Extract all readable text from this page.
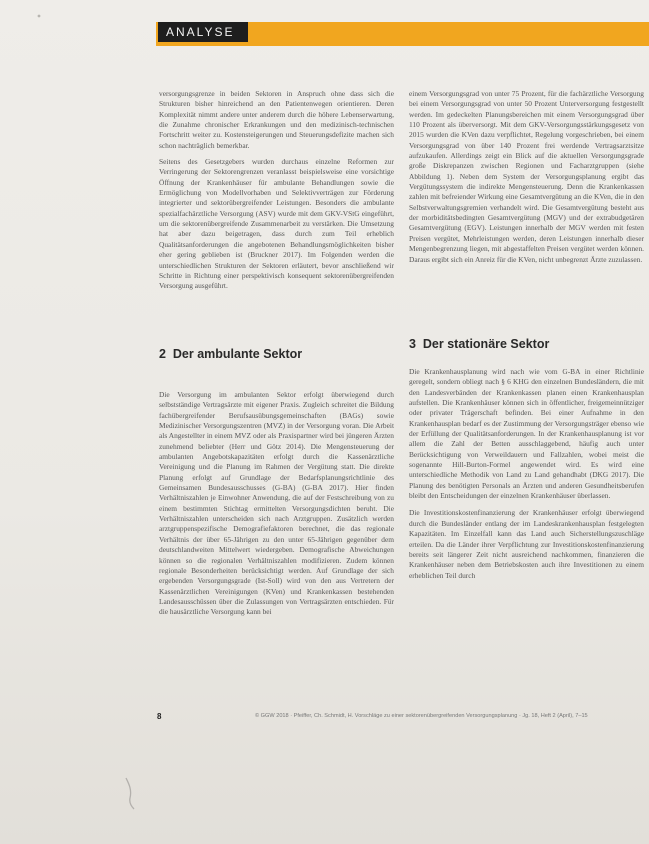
ANALYSE

versorgungsgrenze in beiden Sektoren in Anspruch ohne dass sich die Strukturen bisher hinreichend an den Patientenwegen orientieren. Deren Komplexität nimmt andere unter anderem durch die höhere Lebenserwartung, die Zunahme chronischer Erkrankungen und den medizinisch-technischen Fortschritt weiter zu. Kostensteigerungen und Steuerungsdefizite machen sich schon nachträglich bemerkbar.

Seitens des Gesetzgebers wurden durchaus einzelne Reformen zur Verringerung der Sektorengrenzen veranlasst beispielsweise eine vorsichtige Öffnung der Krankenhäuser für ambulante Behandlungen sowie die Ermöglichung von Modellvorhaben und Selektivverträgen zur Förderung integrierter und sektorübergreifender Leistungen. Besonders die ambulante spezialfachärztliche Versorgung (ASV) wurde mit dem GKV-VStG eingeführt, um die sektorenübergreifende Zusammenarbeit zu verstärken. Die Umsetzung hat aber dazu beigetragen, dass durch zum Teil erheblich Qualitätsanforderungen die angebotenen Behandlungsmöglichkeiten bisher eher gering geblieben ist (Bruckner 2017). Im Folgenden werden die unterschiedlichen Strukturen der Sektoren erläutert, bevor anschließend wir Schritte in Richtung einer perspektivisch konsequent sektorenübergreifenden Versorgung ausgeführt.

2 Der ambulante Sektor

Die Versorgung im ambulanten Sektor erfolgt überwiegend durch selbstständige Vertragsärzte mit eigener Praxis. Zugleich schreitet die Bildung fachübergreifender Berufsausübungsgemeinschaften (BAGs) sowie Medizinischer Versorgungszentren (MVZ) in der Versorgung voran. Die Arbeit als Angestellter in einem MVZ oder als Praxispartner wird bei jüngeren Ärzten zunehmend beliebter (Herr und Götz 2014). Die Mengensteuerung der ambulanten Angebotskapazitäten erfolgt durch die Kassenärztliche Vereinigung und die Planung im Rahmen der Vergütung statt. Die direkte Planung erfolgt auf Grundlage der Bedarfsplanungsrichtlinie des Gemeinsamen Bundesausschusses (G-BA) (G-BA 2017). Hier finden Verhältniszahlen je Einwohner Anwendung, die auf der Festschreibung von zu einem bestimmten Stichtag ermittelten Versorgungsdichten beruht. Die Verhältniszahlen unterscheiden sich nach Arztgruppen. Zusätzlich werden arztgruppenspezifische Demografiefaktoren berechnet, die das regionale Verhältnis der über 65-Jährigen zu den unter 65-Jährigen gegenüber dem deutschlandweiten Mittelwert wiedergeben. Demografische Abweichungen können so die regionalen Verhältniszahlen modifizieren. Zudem können regionale Besonderheiten berücksichtigt werden. Auf Grundlage der sich ergebenden Versorgungsgrade (Ist-Soll) wird von den aus Vertretern der Kassenärztlichen Vereinigungen (KVen) und Krankenkassen bestehenden Landesausschüssen über die Zulassungen von Vertragsärzten entschieden. Für die hausärztliche Versorgung kann bei

einem Versorgungsgrad von unter 75 Prozent, für die fachärztliche Versorgung bei einem Versorgungsgrad von unter 50 Prozent Unterversorgung festgestellt werden. Im gedeckelten Planungsbereichen mit einem Versorgungsgrad über 110 Prozent als überversorgt. Mit dem GKV-Versorgungsstärkungsgesetz von 2015 wurden die KVen dazu verpflichtet, Regelung vorgeschrieben, bei einem Versorgungsgrad von über 140 Prozent frei werdende Vertragsarztsitze aufzukaufen. Allerdings zeigt ein Blick auf die aktuellen Versorgungsgrade große Diskrepanzen zwischen Regionen und Facharztgruppen (siehe Abbildung 1). Neben dem System der Versorgungsplanung ergibt das Vergütungssystem die indirekte Mengensteuerung. Denn die Krankenkassen zahlen mit befreiender Wirkung eine Gesamtvergütung an die KVen, die in den Selbstverwaltungsgremien verhandelt wird. Die Gesamtvergütung besteht aus der morbiditätsbedingten Gesamtvergütung (MGV) und der extrabudgetären Gesamtvergütung (EGV). Leistungen innerhalb der MGV werden mit festen Preisen vergütet, Mehrleistungen werden, deren Leistungen innerhalb dieser Mengenbegrenzung liegen, mit abgestaffelten Preisen vergütet werden können. Daraus ergibt sich ein Anreiz für die KVen, nicht unbegrenzt Ärzte zuzulassen.

3 Der stationäre Sektor

Die Krankenhausplanung wird nach wie vom G-BA in einer Richtlinie geregelt, sondern obliegt nach § 6 KHG den einzelnen Bundesländern, die mit den Landesverbänden der Krankenkassen planen einen Krankenhausplan aufstellen. Die Krankenhäuser können sich in öffentlicher, freigemeinnütziger oder privater Trägerschaft befinden. Bei einer Aufnahme in den Krankenhausplan bedarf es der Zustimmung der Versorgungsträger ebenso wie der Erfüllung der Qualitätsanforderungen. In der Krankenhausplanung ist vor allem die Zahl der Betten ausschlaggebend, häufig auch unter Berücksichtigung von Verweildauern und Fallzahlen, wobei meist die sogenannte Hill-Burton-Formel angewendet wird. Es wird eine unterschiedliche Methodik von Land zu Land gehandhabt (DKG 2017). Die Planung des benötigten Personals an Ärzten und anderen Gesundheitsberufen bleibt den Entscheidungen der einzelnen Krankenhäuser überlassen.

Die Investitionskostenfinanzierung der Krankenhäuser erfolgt überwiegend durch die Bundesländer entlang der im Landeskrankenhausplan festgelegten Kapazitäten. Im Einzelfall kann das Land auch Sicherstellungszuschläge erteilen. Da die Länder ihrer Verpflichtung zur Investitionskostenfinanzierung bereits seit längerer Zeit nicht ausreichend nachkommen, finanzieren die Krankenhäuser neben dem Betriebskosten auch ihre Investitionen zu einem erheblichen Teil durch

8	© GGW 2018 · Pfeiffer, Ch. Schmidt, H. Vorschläge zu einer sektorenübergreifenden Versorgungsplanung · Jg. 18, Heft 2 (April), 7–15
